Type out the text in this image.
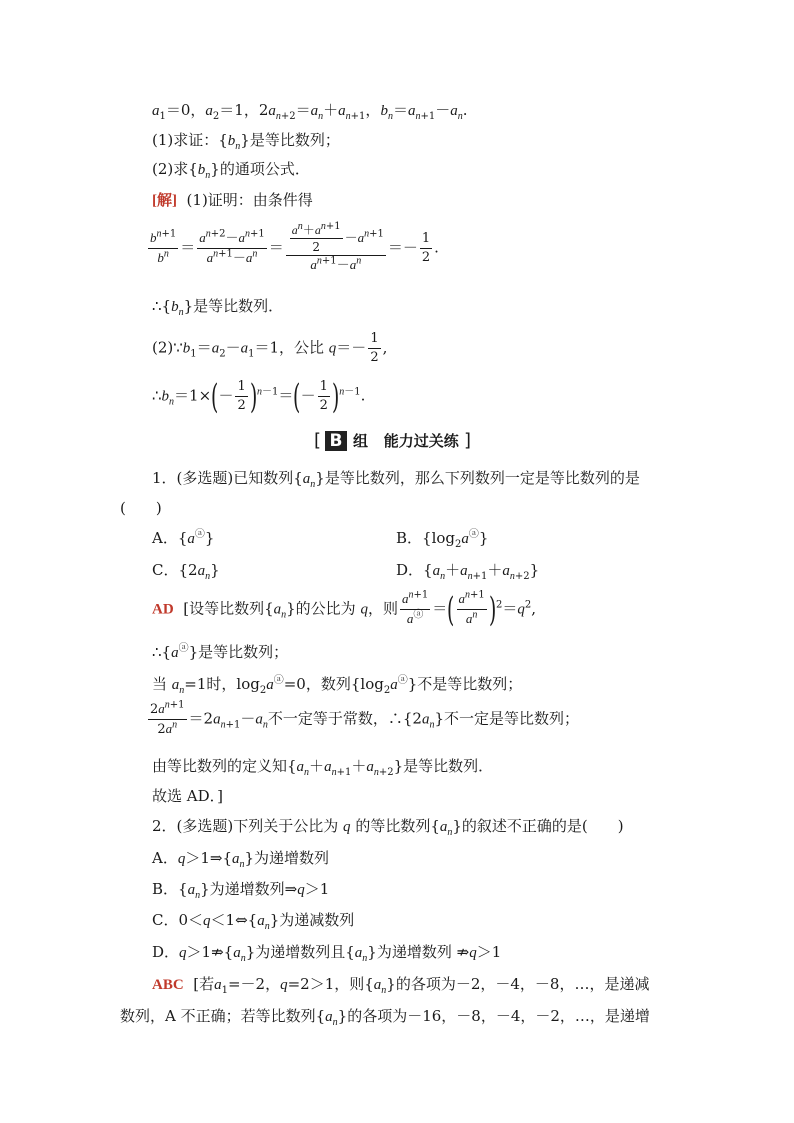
$a_1=0$，$a_2=1$，$2a_{n+2}=a_n+a_{n+1}$，$b_n=a_{n+1}-a_n$.
(1)求证：$\{b_n\}$是等比数列；
(2)求$\{b_n\}$的通项公式．
[解] (1)证明：由条件得
$\frac{b^{n+1}}{b^n} = \frac{a^{n+2}-a^{n+1}}{a^{n+1}-a^n} = \frac{\frac{a^n+a^{n+1}}{2} -a^{n+1}}{a^{n+1}-a^n} =- \frac{1}{2}$ .
$\therefore\{b_n\}$是等比数列．
$(2)\because b_1=a_2-a_1=1$，公比 $q=- \frac{1}{2}$ ,
$\therefore b_n=1\times(- \frac{1}{2} )^{n-1}=(- \frac{1}{2} )^{n-1}$.
[ B 组
能力过关练
]
1．(多选题)已知数列$\{a_n\}$是等比数列，那么下列数列一定是等比数列的是
(　　)
A．{aⓐ}	B．$\{\log_2a^ⓐ\}$
C．$\{2a_n\}$	D．$\{a_n+a_{n+1}+a_{n+2}\}$
AD [设等比数列$\{a_n\}$的公比为 q，则 $\frac{a^{n+1}}{a^ⓐ}$ ＝( $\frac{a^{n+1}}{a^n} )^2=q^2$,
∴{aⓐ}是等比数列；
当 $a_n=1$时，$\log_2a^ⓐ=0$，数列$\{\log_2a^ⓐ\}$不是等比数列；
$\frac{2a^{n+1}}{2a^n} =2a_{n+1}-a_n$不一定等于常数，$\therefore\{2a_n\}$不一定是等比数列；
由等比数列的定义知$\{a_n+a_{n+1}+a_{n+2}\}$是等比数列．
故选 AD．]
2．(多选题)下列关于公比为 q 的等比数列$\{a_n\}$的叙述不正确的是(　　)
A．$q>1\Rightarrow\{a_n\}$为递增数列
B．$\{a_n\}$为递增数列⇒q＞1
C．$0<q<1\Leftrightarrow\{a_n\}$为递减数列
D．$q>1⇏\{a_n\}$为递增数列且$\{a_n\}$为递增数列 ⇏q＞1
ABC [若$a_1=-2$，q=2＞1，则$\{a_n\}$的各项为－2，－4，－8，…，是递减
数列，A 不正确；若等比数列$\{a_n\}$的各项为－16，－8，－4，－2，…，是递增
